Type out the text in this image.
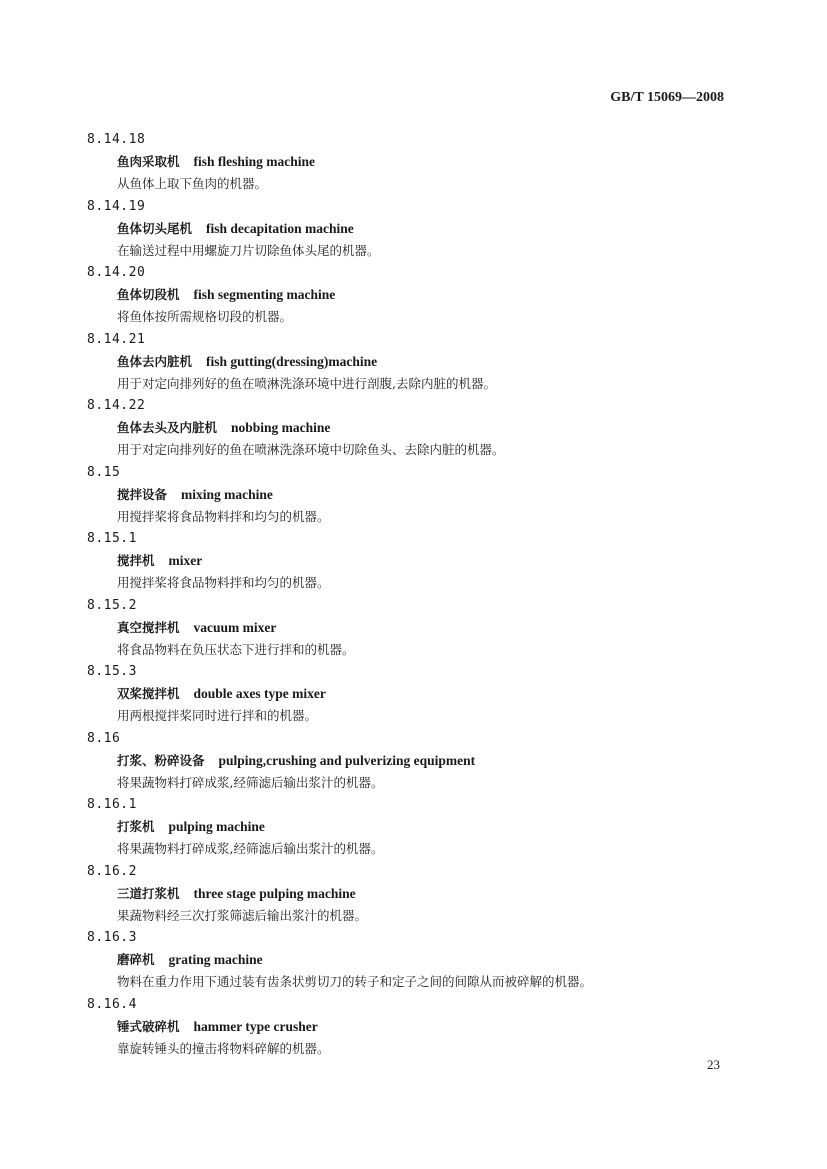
GB/T 15069—2008
8.14.18
鱼肉采取机 fish fleshing machine
从鱼体上取下鱼肉的机器。
8.14.19
鱼体切头尾机 fish decapitation machine
在输送过程中用螺旋刀片切除鱼体头尾的机器。
8.14.20
鱼体切段机 fish segmenting machine
将鱼体按所需规格切段的机器。
8.14.21
鱼体去内脏机 fish gutting(dressing)machine
用于对定向排列好的鱼在喷淋洗涤环境中进行剖腹,去除内脏的机器。
8.14.22
鱼体去头及内脏机 nobbing machine
用于对定向排列好的鱼在喷淋洗涤环境中切除鱼头、去除内脏的机器。
8.15
搅拌设备 mixing machine
用搅拌桨将食品物料拌和均匀的机器。
8.15.1
搅拌机 mixer
用搅拌桨将食品物料拌和均匀的机器。
8.15.2
真空搅拌机 vacuum mixer
将食品物料在负压状态下进行拌和的机器。
8.15.3
双桨搅拌机 double axes type mixer
用两根搅拌桨同时进行拌和的机器。
8.16
打浆、粉碎设备 pulping,crushing and pulverizing equipment
将果蔬物料打碎成浆,经筛滤后输出浆汁的机器。
8.16.1
打浆机 pulping machine
将果蔬物料打碎成浆,经筛滤后输出浆汁的机器。
8.16.2
三道打浆机 three stage pulping machine
果蔬物料经三次打浆筛滤后输出浆汁的机器。
8.16.3
磨碎机 grating machine
物料在重力作用下通过装有齿条状剪切刀的转子和定子之间的间隙从而被碎解的机器。
8.16.4
锤式破碎机 hammer type crusher
靠旋转锤头的撞击将物料碎解的机器。
23
